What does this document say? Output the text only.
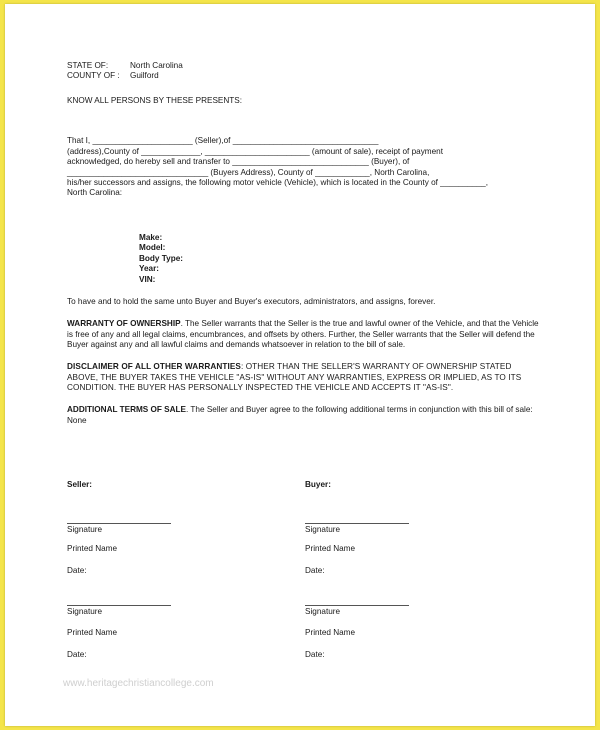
STATE OF:	North Carolina
COUNTY OF : Guilford
KNOW ALL PERSONS BY THESE PRESENTS:
That I, ______________________ (Seller),of ________________________________
(address),County of _____________, _______________________ (amount of sale), receipt of payment
acknowledged, do hereby sell and transfer to ______________________________ (Buyer), of
_______________________________ (Buyers Address), County of ____________, North Carolina,
his/her successors and assigns, the following motor vehicle (Vehicle), which is located in the County of __________,
North Carolina:
Make:
Model:
Body Type:
Year:
VIN:
To have and to hold the same unto Buyer and Buyer's executors, administrators, and assigns, forever.
WARRANTY OF OWNERSHIP. The Seller warrants that the Seller is the true and lawful owner of the Vehicle, and that the Vehicle is free of any and all legal claims, encumbrances, and offsets by others. Further, the Seller warrants that the Seller will defend the Buyer against any and all lawful claims and demands whatsoever in relation to the bill of sale.
DISCLAIMER OF ALL OTHER WARRANTIES: OTHER THAN THE SELLER'S WARRANTY OF OWNERSHIP STATED ABOVE, THE BUYER TAKES THE VEHICLE "AS-IS" WITHOUT ANY WARRANTIES, EXPRESS OR IMPLIED, AS TO ITS CONDITION. THE BUYER HAS PERSONALLY INSPECTED THE VEHICLE AND ACCEPTS IT "AS-IS".
ADDITIONAL TERMS OF SALE. The Seller and Buyer agree to the following additional terms in conjunction with this bill of sale: None
Seller:	Buyer:
Signature	Signature
Printed Name	Printed Name
Date:	Date:
Signature	Signature
Printed Name	Printed Name
Date:	Date:
www.heritagechristiancollege.com
